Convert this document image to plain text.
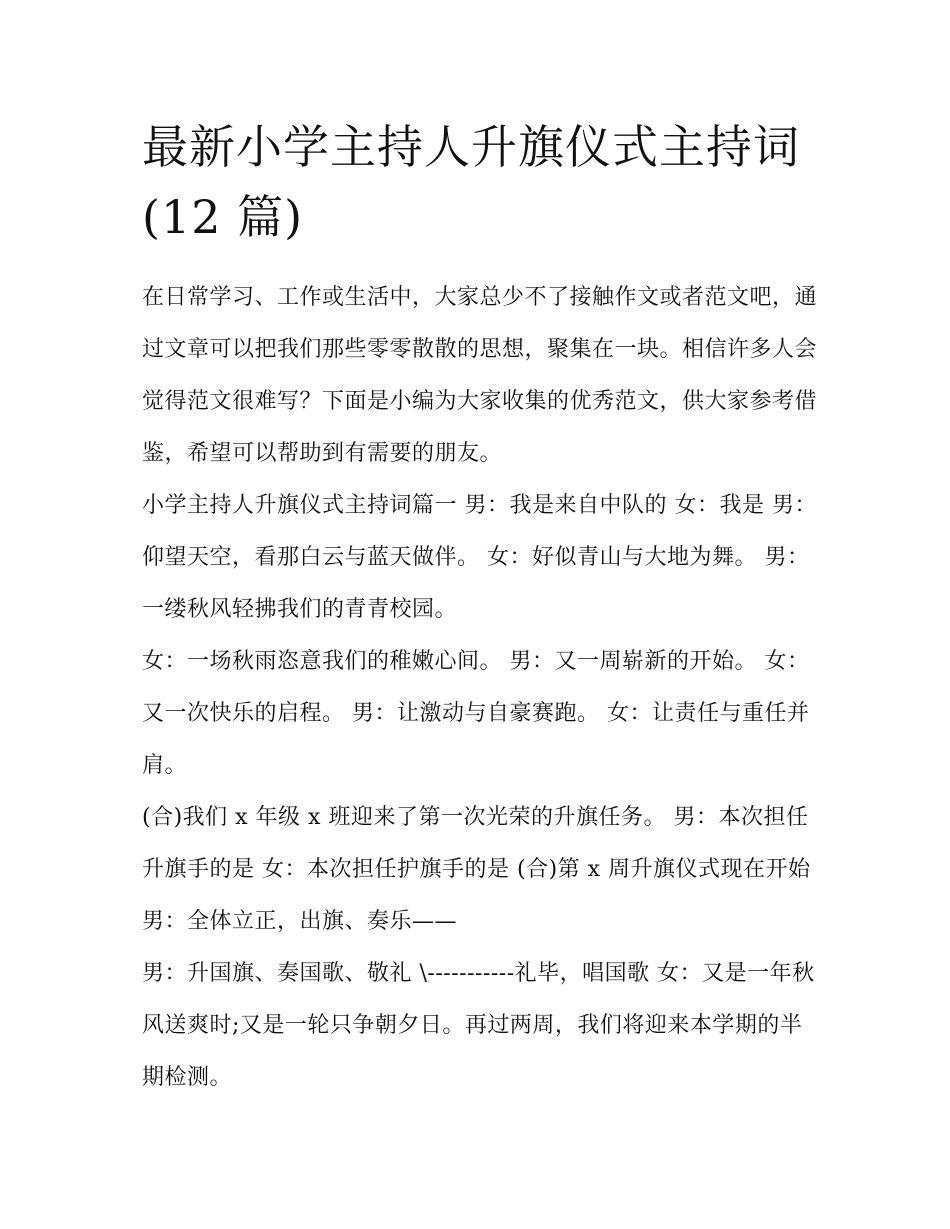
最新小学主持人升旗仪式主持词(12 篇)

在日常学习、工作或生活中，大家总少不了接触作文或者范文吧，通过文章可以把我们那些零零散散的思想，聚集在一块。相信许多人会觉得范文很难写？下面是小编为大家收集的优秀范文，供大家参考借鉴，希望可以帮助到有需要的朋友。

小学主持人升旗仪式主持词篇一 男：我是来自中队的 女：我是 男：仰望天空，看那白云与蓝天做伴。 女：好似青山与大地为舞。 男：一缕秋风轻拂我们的青青校园。

女：一场秋雨恣意我们的稚嫩心间。 男：又一周崭新的开始。 女：又一次快乐的启程。 男：让激动与自豪赛跑。 女：让责任与重任并肩。

(合)我们 x 年级 x 班迎来了第一次光荣的升旗任务。 男：本次担任升旗手的是 女：本次担任护旗手的是 (合)第 x 周升旗仪式现在开始 男：全体立正，出旗、奏乐——

男：升国旗、奏国歌、敬礼 \-----------礼毕，唱国歌 女：又是一年秋风送爽时;又是一轮只争朝夕日。再过两周，我们将迎来本学期的半期检测。
